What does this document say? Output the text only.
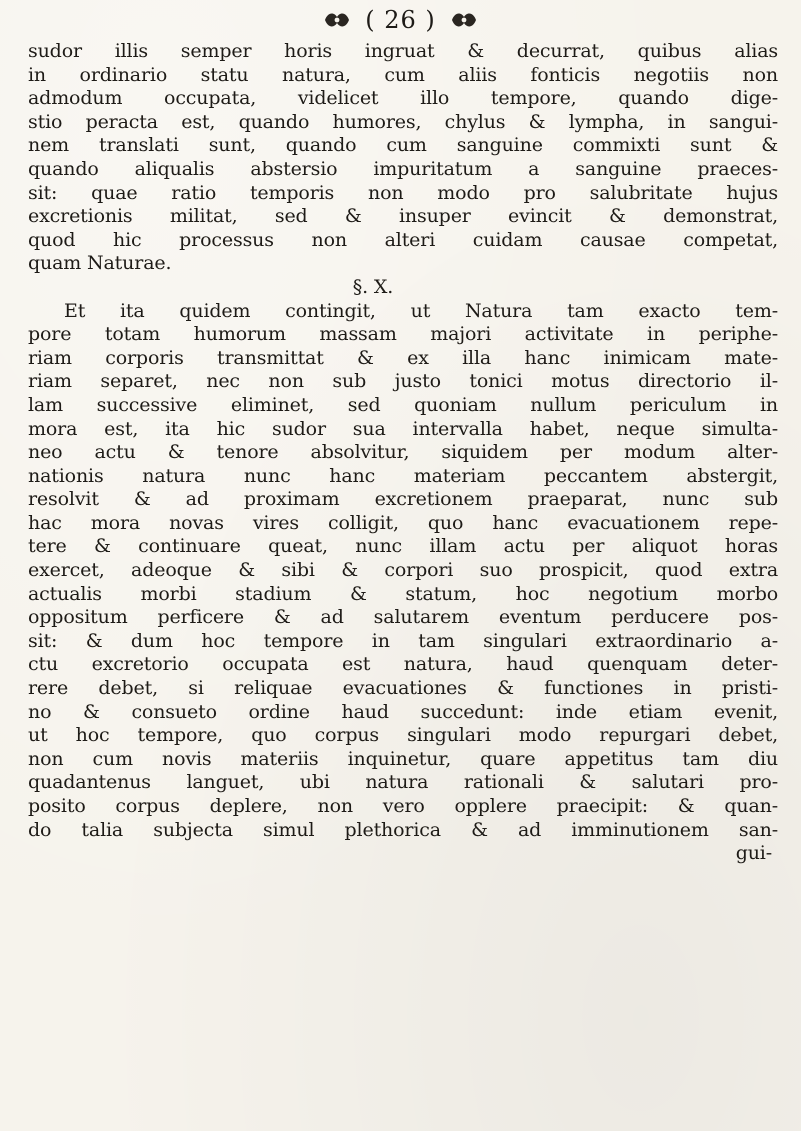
( 26 )
sudor illis semper horis ingruat & decurrat, quibus alias
in ordinario statu natura, cum aliis fonticis negotiis non
admodum occupata, videlicet illo tempore, quando dige-
stio peracta est, quando humores, chylus & lympha, in sangui-
nem translati sunt, quando cum sanguine commixti sunt &
quando aliqualis abstersio impuritatum a sanguine praeces-
sit: quae ratio temporis non modo pro salubritate hujus
excretionis militat, sed & insuper evincit & demonstrat,
quod hic processus non alteri cuidam causae competat,
quam Naturae.
§. X.
Et ita quidem contingit, ut Natura tam exacto tem-
pore totam humorum massam majori activitate in periphe-
riam corporis transmittat & ex illa hanc inimicam mate-
riam separet, nec non sub justo tonici motus directorio il-
lam successive eliminet, sed quoniam nullum periculum in
mora est, ita hic sudor sua intervalla habet, neque simulta-
neo actu & tenore absolvitur, siquidem per modum alter-
nationis natura nunc hanc materiam peccantem abstergit,
resolvit & ad proximam excretionem praeparat, nunc sub
hac mora novas vires colligit, quo hanc evacuationem repe-
tere & continuare queat, nunc illam actu per aliquot horas
exercet, adeoque & sibi & corpori suo prospicit, quod extra
actualis morbi stadium & statum, hoc negotium morbo
oppositum perficere & ad salutarem eventum perducere pos-
sit: & dum hoc tempore in tam singulari extraordinario a-
ctu excretorio occupata est natura, haud quenquam deter-
rere debet, si reliquae evacuationes & functiones in pristi-
no & consueto ordine haud succedunt: inde etiam evenit,
ut hoc tempore, quo corpus singulari modo repurgari debet,
non cum novis materiis inquinetur, quare appetitus tam diu
quadantenus languet, ubi natura rationali & salutari pro-
posito corpus deplere, non vero opplere praecipit: & quan-
do talia subjecta simul plethorica & ad imminutionem san-
gui-
